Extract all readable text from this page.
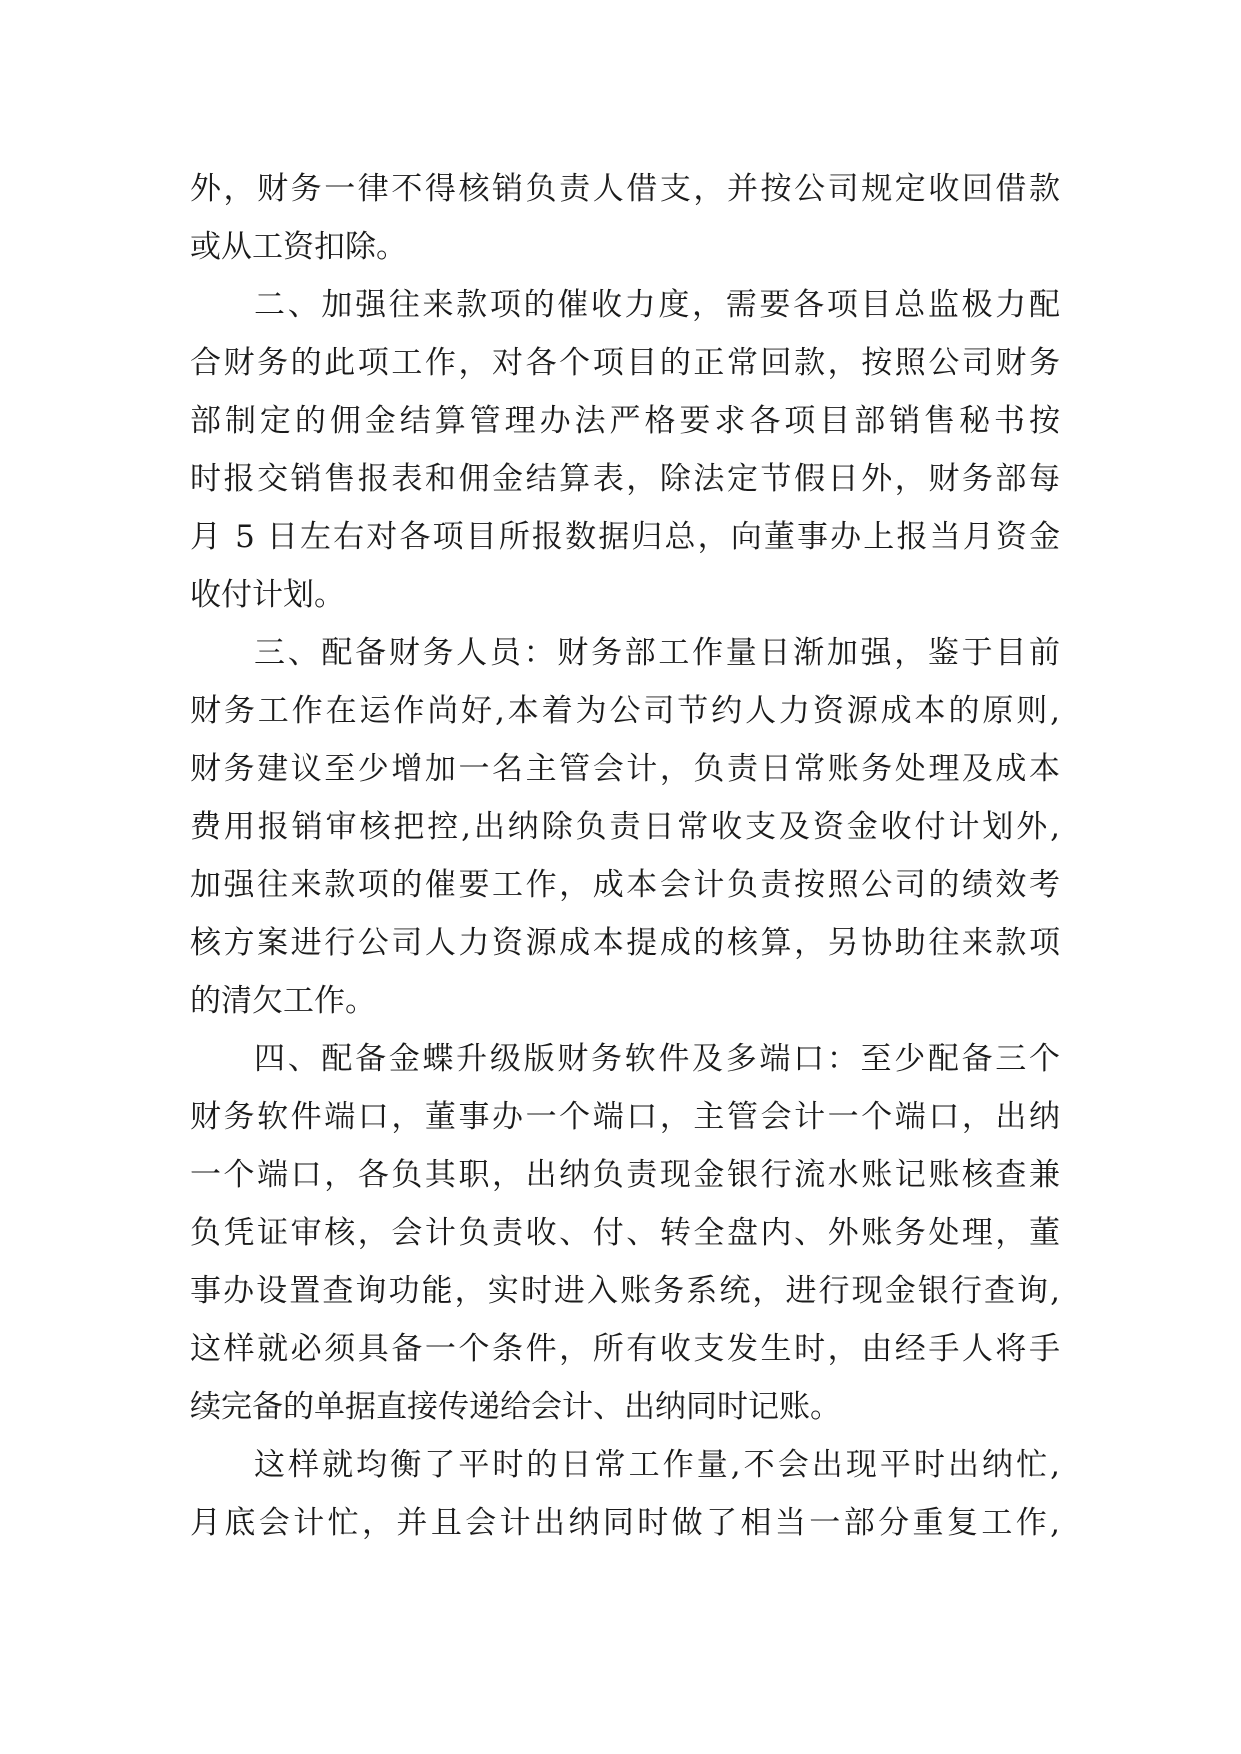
外，财务一律不得核销负责人借支，并按公司规定收回借款
或从工资扣除。
二、加强往来款项的催收力度，需要各项目总监极力配
合财务的此项工作，对各个项目的正常回款，按照公司财务
部制定的佣金结算管理办法严格要求各项目部销售秘书按
时报交销售报表和佣金结算表，除法定节假日外，财务部每
月 5 日左右对各项目所报数据归总，向董事办上报当月资金
收付计划。
三、配备财务人员：财务部工作量日渐加强，鉴于目前
财务工作在运作尚好,本着为公司节约人力资源成本的原则,
财务建议至少增加一名主管会计，负责日常账务处理及成本
费用报销审核把控,出纳除负责日常收支及资金收付计划外,
加强往来款项的催要工作，成本会计负责按照公司的绩效考
核方案进行公司人力资源成本提成的核算，另协助往来款项
的清欠工作。
四、配备金蝶升级版财务软件及多端口：至少配备三个
财务软件端口，董事办一个端口，主管会计一个端口，出纳
一个端口，各负其职，出纳负责现金银行流水账记账核查兼
负凭证审核，会计负责收、付、转全盘内、外账务处理，董
事办设置查询功能，实时进入账务系统，进行现金银行查询,
这样就必须具备一个条件，所有收支发生时，由经手人将手
续完备的单据直接传递给会计、出纳同时记账。
这样就均衡了平时的日常工作量,不会出现平时出纳忙,
月底会计忙，并且会计出纳同时做了相当一部分重复工作,
